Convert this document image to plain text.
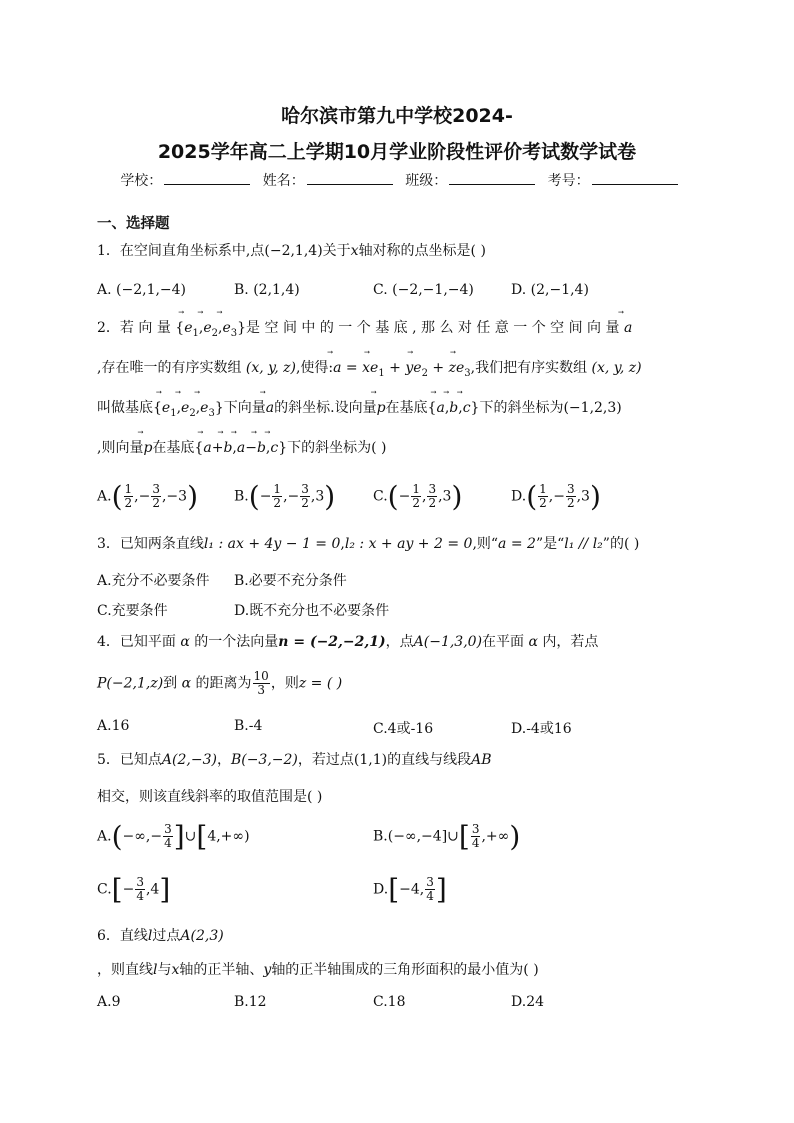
哈尔滨市第九中学校2024-
2025学年高二上学期10月学业阶段性评价考试数学试卷
学校：	姓名：	班级：	考号：
一、选择题
1．在空间直角坐标系中,点(−2,1,4)关于x轴对称的点坐标是( )
A. (−2,1,−4)	B. (2,1,4)	C. (−2,−1,−4)	D. (2,−1,4)
2．若 向 量 {⃗ $e_1,⃗$ $e_2,⃗$ $e_3$}是 空 间 中 的 一 个 基 底 , 那 么 对 任 意 一 个 空 间 向 量 ⃗ a
,存在唯一的有序实数组 (x, y, z),使得:⃗ a = x⃗ $e_1$ + y⃗ $e_2$ + z⃗ $e_3$,我们把有序实数组 (x, y, z)
叫做基底{⃗ $e_1,⃗$ $e_2,⃗$ $e_3$}下向量⃗ a的斜坐标.设向量⃗ p在基底{⃗ a,⃗ b,⃗ c}下的斜坐标为(−1,2,3)
,则向量⃗ p在基底{⃗ a+⃗ b,⃗ a−⃗ b,⃗ c}下的斜坐标为( )
$A.( \frac{1}{2}$ ,− $\frac{3}{2} ,-3$)	$B.(- \frac{1}{2}$ ,− $\frac{3}{2} ,3$)	$C.(- \frac{1}{2}$ , $\frac{3}{2} ,3$)	$D.( \frac{1}{2}$ ,− $\frac{3}{2} ,3$)
3．已知两条直线l₁ : ax + 4y − 1 = 0,l₂ : x + ay + 2 = 0,则“a = 2”是“l₁ // l₂”的( )
A.充分不必要条件 B.必要不充分条件
C.充要条件	D.既不充分也不必要条件
4．已知平面 α 的一个法向量n = (−2,−2,1)，点A(−1,3,0)在平面 α 内，若点
P(−2,1,z)到 α 的距离为 $\frac{10}{3}$ ，则z = ( )
A.16	B.-4	C.4或-16	D.-4或16
5．已知点A(2,−3)，B(−3,−2)，若过点(1,1)的直线与线段AB
相交，则该直线斜率的取值范围是( )
$A.(-\infty,- \frac{3}{4}$ ]∪[4,+∞)	B.(−∞,−4]∪[ $\frac{3}{4}$ ,+∞)
$C.[- \frac{3}{4} ,4]$	D.[−4, $\frac{3}{4}$ ]
6．直线l过点A(2,3)
，则直线l与x轴的正半轴、y轴的正半轴围成的三角形面积的最小值为( )
A.9	B.12	C.18	D.24
